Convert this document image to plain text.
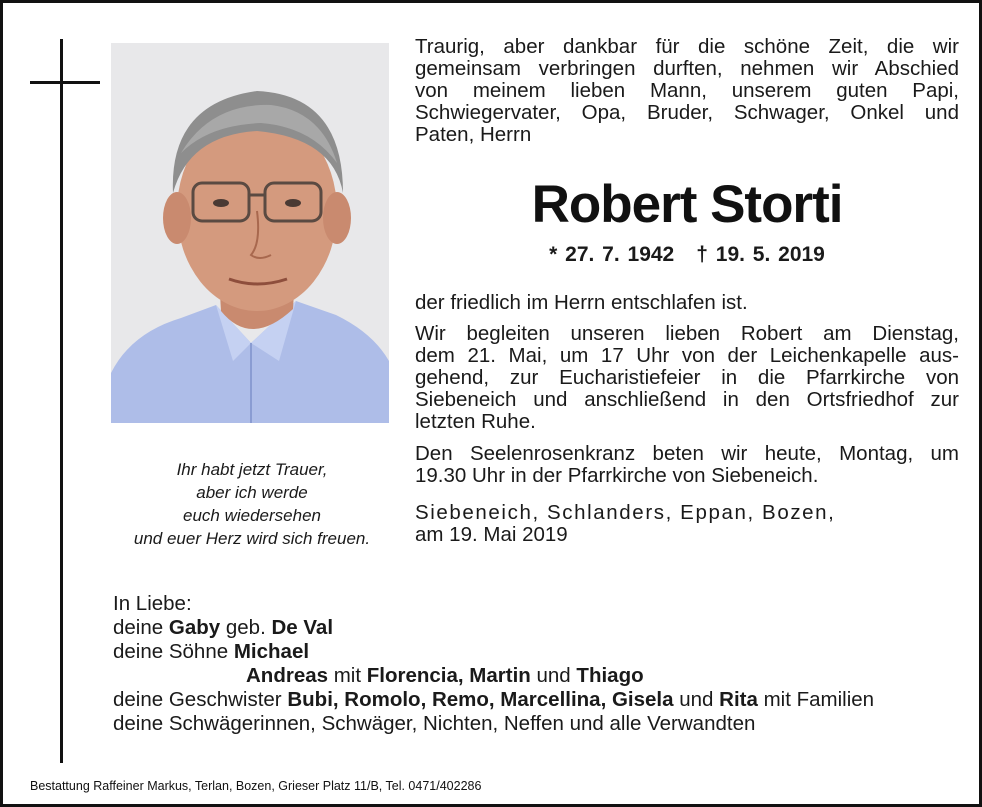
Ihr habt jetzt Trauer,
aber ich werde
euch wiedersehen
und euer Herz wird sich freuen.
Traurig, aber dankbar für die schöne Zeit, die wir
gemeinsam verbringen durften, nehmen wir Abschied
von meinem lieben Mann, unserem guten Papi,
Schwiegervater, Opa, Bruder, Schwager, Onkel und
Paten, Herrn
Robert Storti
* 27. 7. 1942 † 19. 5. 2019
der friedlich im Herrn entschlafen ist.
Wir begleiten unseren lieben Robert am Dienstag,
dem 21. Mai, um 17 Uhr von der Leichenkapelle aus-
gehend, zur Eucharistiefeier in die Pfarrkirche von
Siebeneich und anschließend in den Ortsfriedhof zur
letzten Ruhe.
Den Seelenrosenkranz beten wir heute, Montag, um
19.30 Uhr in der Pfarrkirche von Siebeneich.
Siebeneich, Schlanders, Eppan, Bozen,
am 19. Mai 2019
In Liebe:
deine Gaby geb. De Val
deine Söhne Michael
Andreas mit Florencia, Martin und Thiago
deine Geschwister Bubi, Romolo, Remo, Marcellina, Gisela und Rita mit Familien
deine Schwägerinnen, Schwäger, Nichten, Neffen und alle Verwandten
Bestattung Raffeiner Markus, Terlan, Bozen, Grieser Platz 11/B, Tel. 0471/402286
